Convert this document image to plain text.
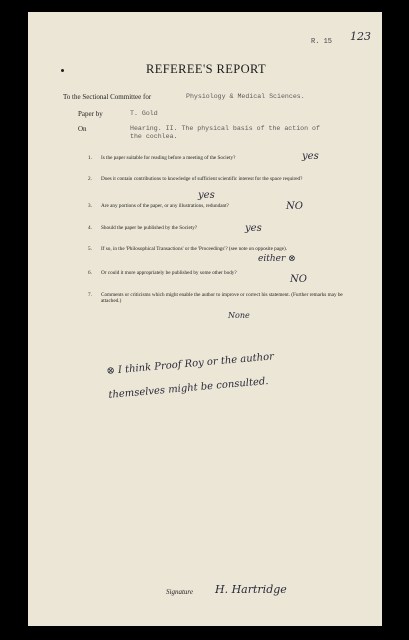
R. 15 123
REFEREE'S REPORT
To the Sectional Committee for	Physiology & Medical Sciences.
Paper by	T. Gold
On	Hearing. II. The physical basis of the action of
the cochlea.
1. Is the paper suitable for reading before a meeting of the Society?	yes
2. Does it contain contributions to knowledge of sufficient scientific interest for the space required?
yes
3. Are any portions of the paper, or any illustrations, redundant?	NO
4. Should the paper be published by the Society?	yes
5. If so, in the 'Philosophical Transactions' or the 'Proceedings'? (see note on opposite page).
either ⊗
6. Or could it more appropriately be published by some other body?
NO
7. Comments or criticisms which might enable the author to improve or correct his statement. (Further remarks may be attached.)
None
⊗ I think Proof Roy or the author
themselves might be consulted.
Signature H. Hartridge
